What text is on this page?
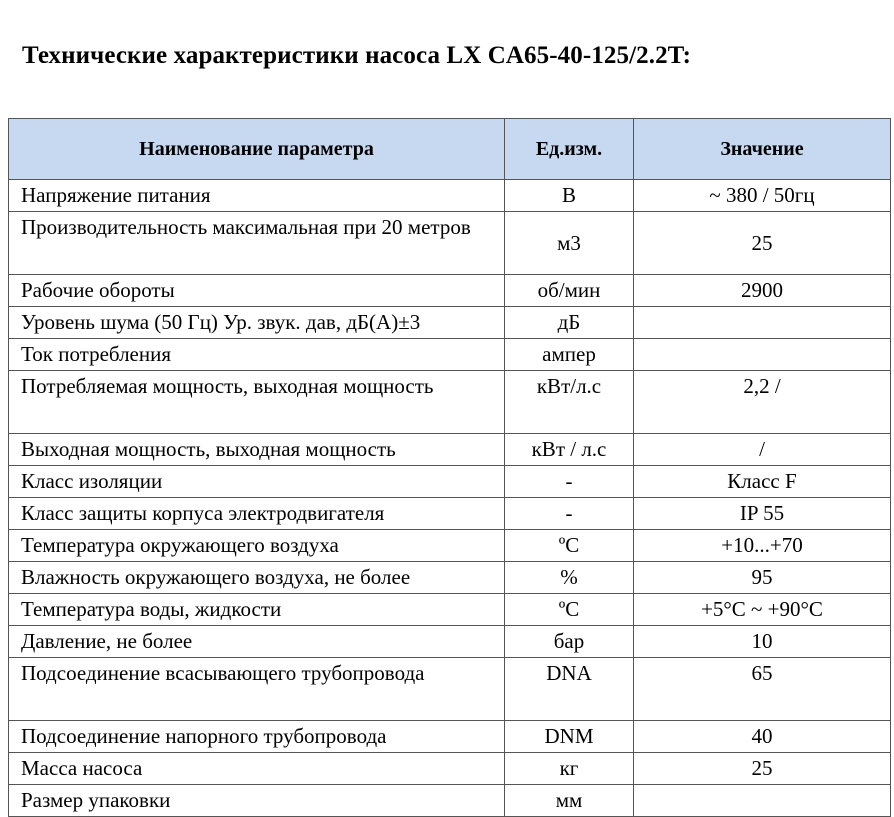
Технические характеристики насоса LX CA65-40-125/2.2T:
Наименование параметра	Ед.изм.	Значение
Напряжение питания	В	~ 380 / 50гц
Производительность максимальная при 20 метров	м3	25
Рабочие обороты	об/мин	2900
Уровень шума (50 Гц) Ур. звук. дав, дБ(А)±3	дБ	
Ток потребления	ампер	
Потребляемая мощность, выходная мощность	кВт/л.с	2,2 /
Выходная мощность, выходная мощность	кВт / л.с	/
Класс изоляции	-	Класс F
Класс защиты корпуса электродвигателя	-	IP 55
Температура окружающего воздуха	ºС	+10...+70
Влажность окружающего воздуха, не более	%	95
Температура воды, жидкости	ºС	+5°C ~ +90°C
Давление, не более	бар	10
Подсоединение всасывающего трубопровода	DNA	65
Подсоединение напорного трубопровода	DNM	40
Масса насоса	кг	25
Размер упаковки	мм	
